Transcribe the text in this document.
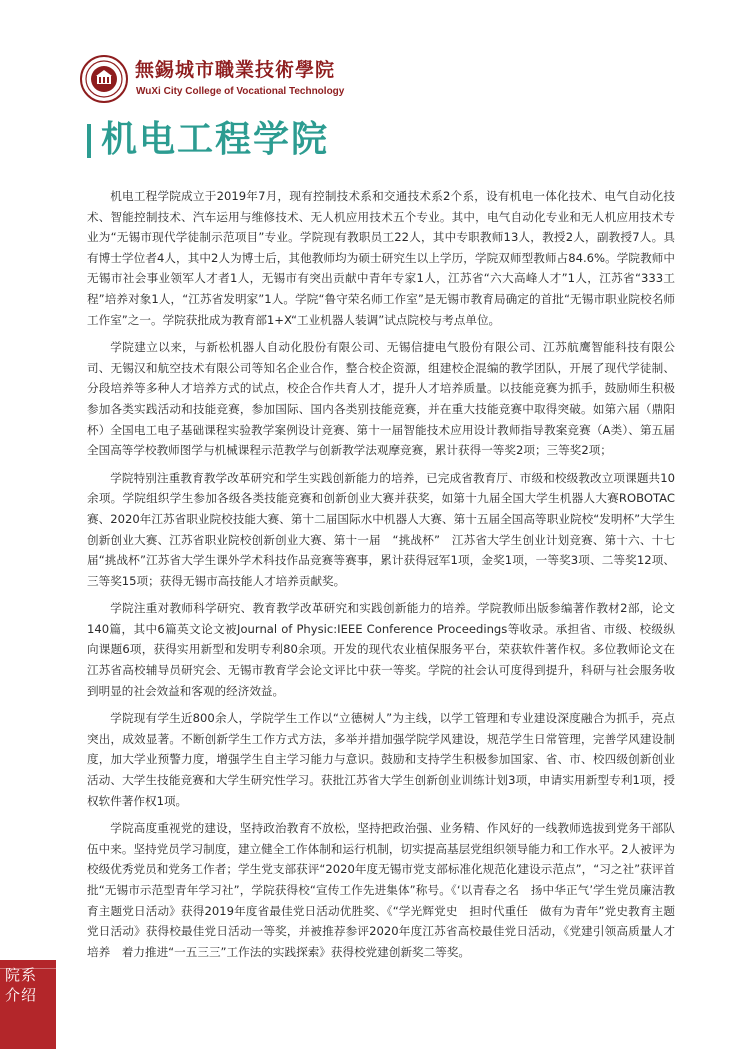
無錫城市職業技術學院
WuXi City College of Vocational Technology
机电工程学院

机电工程学院成立于2019年7月，现有控制技术系和交通技术系2个系，设有机电一体化技术、电气自动化技术、智能控制技术、汽车运用与维修技术、无人机应用技术五个专业。其中，电气自动化专业和无人机应用技术专业为“无锡市现代学徒制示范项目”专业。学院现有教职员工22人，其中专职教师13人，教授2人，副教授7人。具有博士学位者4人，其中2人为博士后，其他教师均为硕士研究生以上学历，学院双师型教师占84.6%。学院教师中无锡市社会事业领军人才者1人，无锡市有突出贡献中青年专家1人，江苏省“六大高峰人才”1人，江苏省“333工程”培养对象1人，“江苏省发明家”1人。学院“鲁守荣名师工作室”是无锡市教育局确定的首批“无锡市职业院校名师工作室”之一。学院获批成为教育部1+X“工业机器人装调”试点院校与考点单位。

学院建立以来，与新松机器人自动化股份有限公司、无锡信捷电气股份有限公司、江苏航鹰智能科技有限公司、无锡汉和航空技术有限公司等知名企业合作，整合校企资源，组建校企混编的教学团队，开展了现代学徒制、分段培养等多种人才培养方式的试点，校企合作共育人才，提升人才培养质量。以技能竞赛为抓手，鼓励师生积极参加各类实践活动和技能竞赛，参加国际、国内各类别技能竞赛，并在重大技能竞赛中取得突破。如第六届（鼎阳杯）全国电工电子基础课程实验教学案例设计竞赛、第十一届智能技术应用设计教师指导教案竞赛（A类）、第五届全国高等学校教师图学与机械课程示范教学与创新教学法观摩竞赛，累计获得一等奖2项；三等奖2项；

学院特别注重教育教学改革研究和学生实践创新能力的培养，已完成省教育厅、市级和校级教改立项课题共10余项。学院组织学生参加各级各类技能竞赛和创新创业大赛并获奖，如第十九届全国大学生机器人大赛ROBOTAC赛、2020年江苏省职业院校技能大赛、第十二届国际水中机器人大赛、第十五届全国高等职业院校“发明杯”大学生创新创业大赛、江苏省职业院校创新创业大赛、第十一届　“挑战杯”　江苏省大学生创业计划竞赛、第十六、十七届“挑战杯”江苏省大学生课外学术科技作品竞赛等赛事，累计获得冠军1项，金奖1项，一等奖3项、二等奖12项、三等奖15项；获得无锡市高技能人才培养贡献奖。

学院注重对教师科学研究、教育教学改革研究和实践创新能力的培养。学院教师出版参编著作教材2部，论文140篇，其中6篇英文论文被Journal of Physic:IEEE Conference Proceedings等收录。承担省、市级、校级纵向课题6项，获得实用新型和发明专利80余项。开发的现代农业植保服务平台，荣获软件著作权。多位教师论文在江苏省高校辅导员研究会、无锡市教育学会论文评比中获一等奖。学院的社会认可度得到提升，科研与社会服务收到明显的社会效益和客观的经济效益。

学院现有学生近800余人，学院学生工作以“立德树人”为主线，以学工管理和专业建设深度融合为抓手，亮点突出，成效显著。不断创新学生工作方式方法，多举并措加强学院学风建设，规范学生日常管理，完善学风建设制度，加大学业预警力度，增强学生自主学习能力与意识。鼓励和支持学生积极参加国家、省、市、校四级创新创业活动、大学生技能竞赛和大学生研究性学习。获批江苏省大学生创新创业训练计划3项，申请实用新型专利1项，授权软件著作权1项。

学院高度重视党的建设，坚持政治教育不放松，坚持把政治强、业务精、作风好的一线教师选拔到党务干部队伍中来。坚持党员学习制度，建立健全工作体制和运行机制，切实提高基层党组织领导能力和工作水平。2人被评为校级优秀党员和党务工作者；学生党支部获评“2020年度无锡市党支部标准化规范化建设示范点”，“习之社”获评首批“无锡市示范型青年学习社”，学院获得校“宣传工作先进集体”称号。《‘以青春之名　扬中华正气’学生党员廉洁教育主题党日活动》获得2019年度省最佳党日活动优胜奖、《“学光辉党史　担时代重任　做有为青年”党史教育主题党日活动》获得校最佳党日活动一等奖，并被推荐参评2020年度江苏省高校最佳党日活动，《党建引领高质量人才培养　着力推进“一五三三”工作法的实践探索》获得校党建创新奖二等奖。

院系
介绍
